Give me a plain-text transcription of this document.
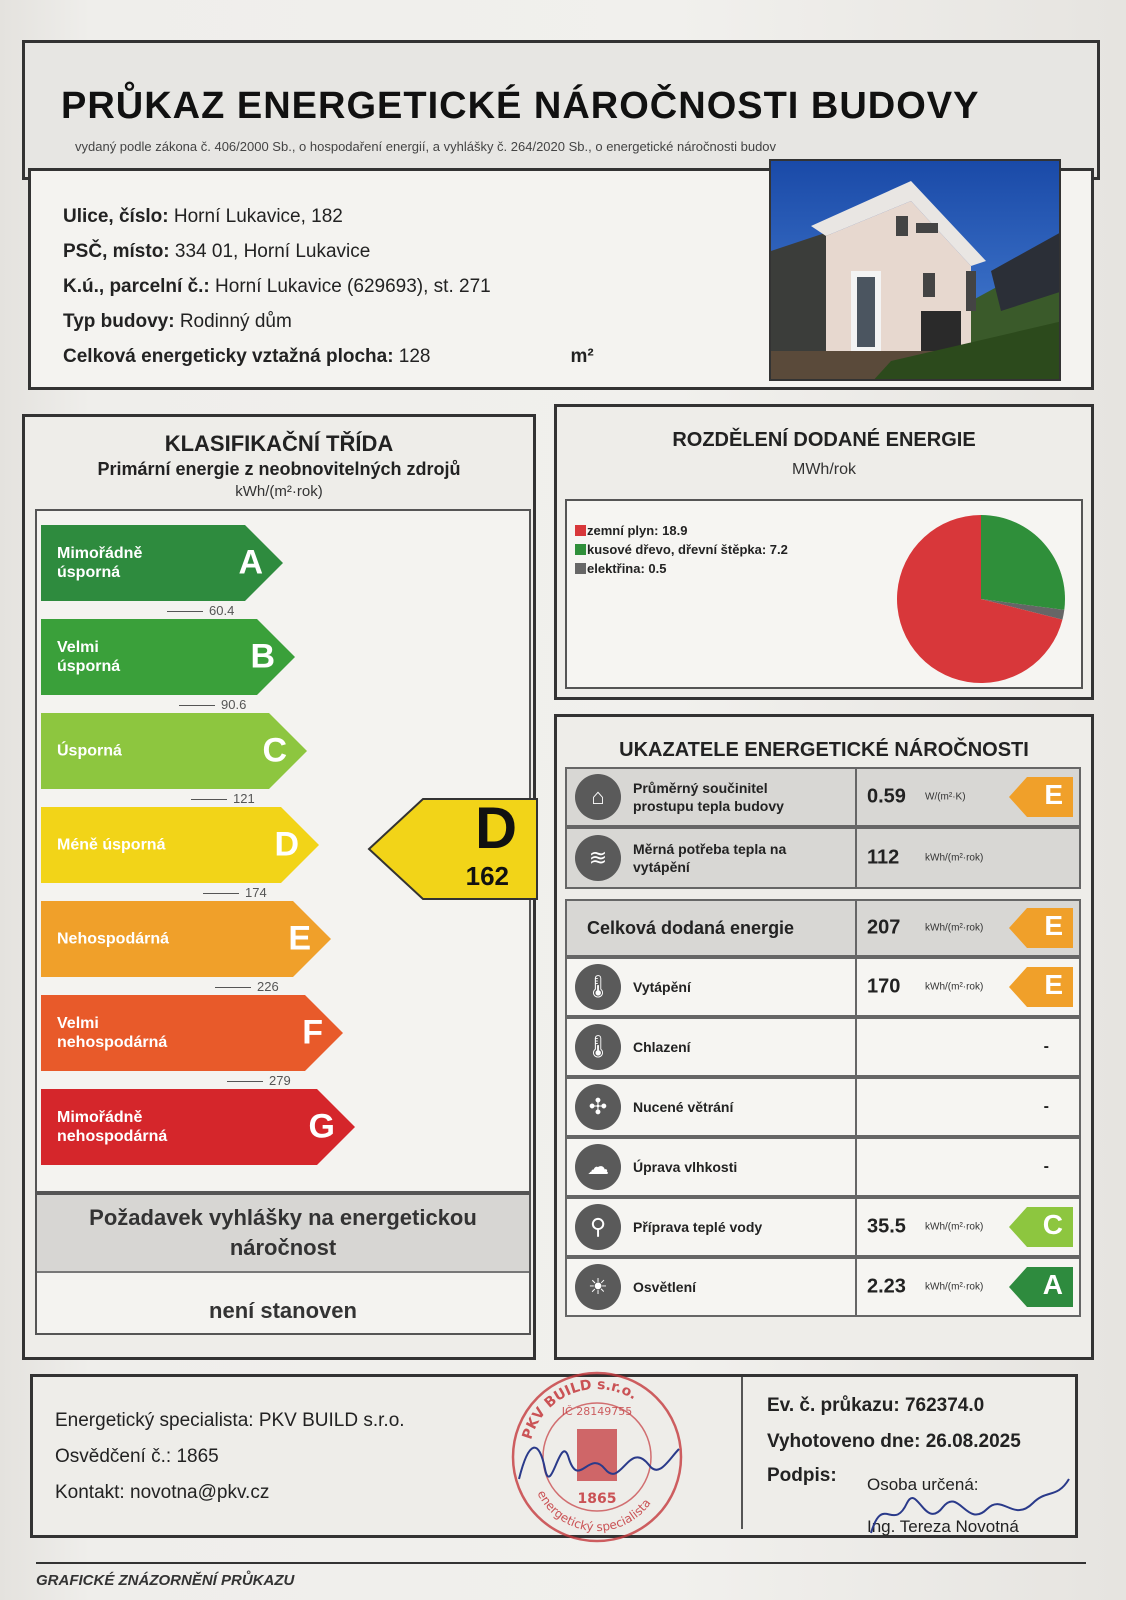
PRŮKAZ ENERGETICKÉ NÁROČNOSTI BUDOVY
vydaný podle zákona č. 406/2000 Sb., o hospodaření energií, a vyhlášky č. 264/2020 Sb., o energetické náročnosti budov
Ulice, číslo: Horní Lukavice, 182
PSČ, místo: 334 01, Horní Lukavice
K.ú., parcelní č.: Horní Lukavice (629693), st. 271
Typ budovy: Rodinný dům
Celková energeticky vztažná plocha: 128	m²
KLASIFIKAČNÍ TŘÍDA
Primární energie z neobnovitelných zdrojů
kWh/(m²·rok)
D
162
Mimořádně
úsporná	A
60.4
Velmi
úsporná	B
90.6
Úsporná	C
121
Méně úsporná	D
174
Nehospodárná	E
226
Velmi
nehospodárná	F
279
Mimořádně
nehospodárná	G
Požadavek vyhlášky na energetickou náročnost
není stanoven
ROZDĚLENÍ DODANÉ ENERGIE
MWh/rok
zemní plyn: 18.9
kusové dřevo, dřevní štěpka: 7.2
elektřina: 0.5
UKAZATELE ENERGETICKÉ NÁROČNOSTI
⌂	Průměrný součinitel prostupu tepla budovy	0.59 W/(m²·K)	E
≋	Měrná potřeba tepla na vytápění	112	kWh/(m²·rok)
Celková dodaná energie	207 kWh/(m²·rok) E
🌡	Vytápění	170 kWh/(m²·rok) E
🌡	Chlazení	-
✣	Nucené větrání	-
☁	Úprava vlhkosti	-
⚲	Příprava teplé vody	35.5 kWh/(m²·rok) C
☀	Osvětlení	2.23 kWh/(m²·rok) A
Energetický specialista: PKV BUILD s.r.o.
Osvědčení č.: 1865
Kontakt: novotna@pkv.cz
PKV BUILD s.r.o.
energetický specialista
IČ 28149755
1865
Ev. č. průkazu: 762374.0
Vyhotoveno dne: 26.08.2025
Podpis: Osoba určená:
Ing. Tereza Novotná
GRAFICKÉ ZNÁZORNĚNÍ PRŮKAZU
